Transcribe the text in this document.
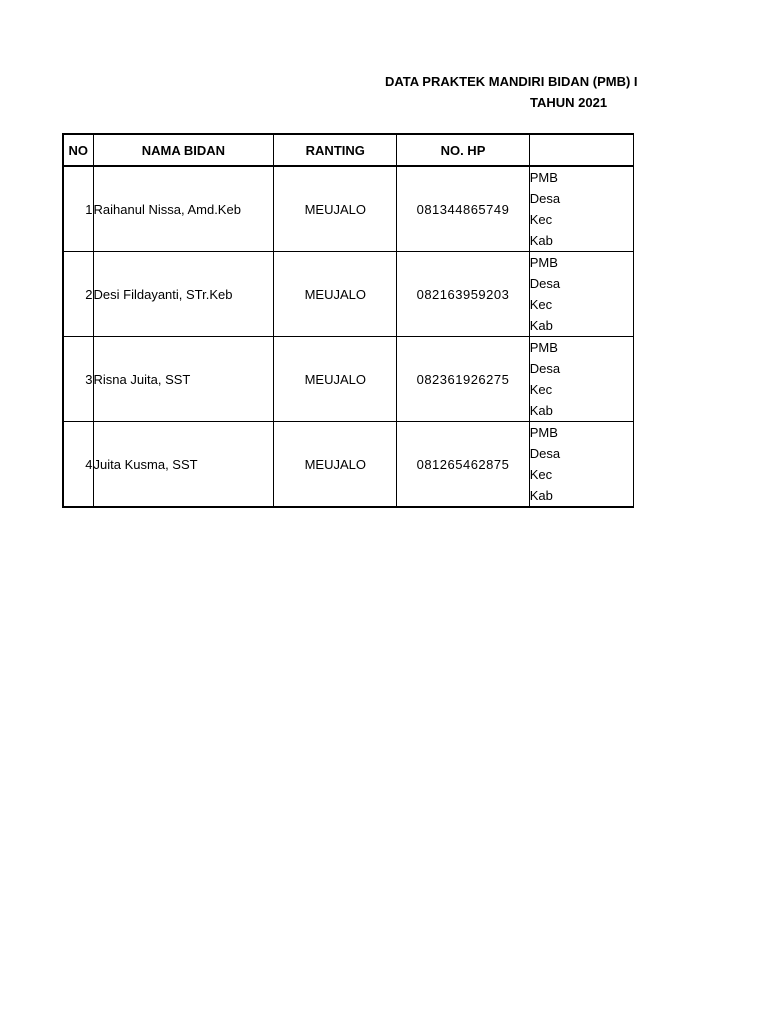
DATA PRAKTEK MANDIRI BIDAN (PMB) I
TAHUN 2021
NO	NAMA BIDAN	RANTING	NO. HP	
1	Raihanul Nissa, Amd.Keb	MEUJALO	081344865749	PMB
Desa
Kec
Kab

2	Desi Fildayanti, STr.Keb	MEUJALO	082163959203	PMB
Desa
Kec
Kab

3	Risna Juita, SST	MEUJALO	082361926275	PMB
Desa
Kec
Kab

4	Juita Kusma, SST	MEUJALO	081265462875	PMB
Desa
Kec
Kab
